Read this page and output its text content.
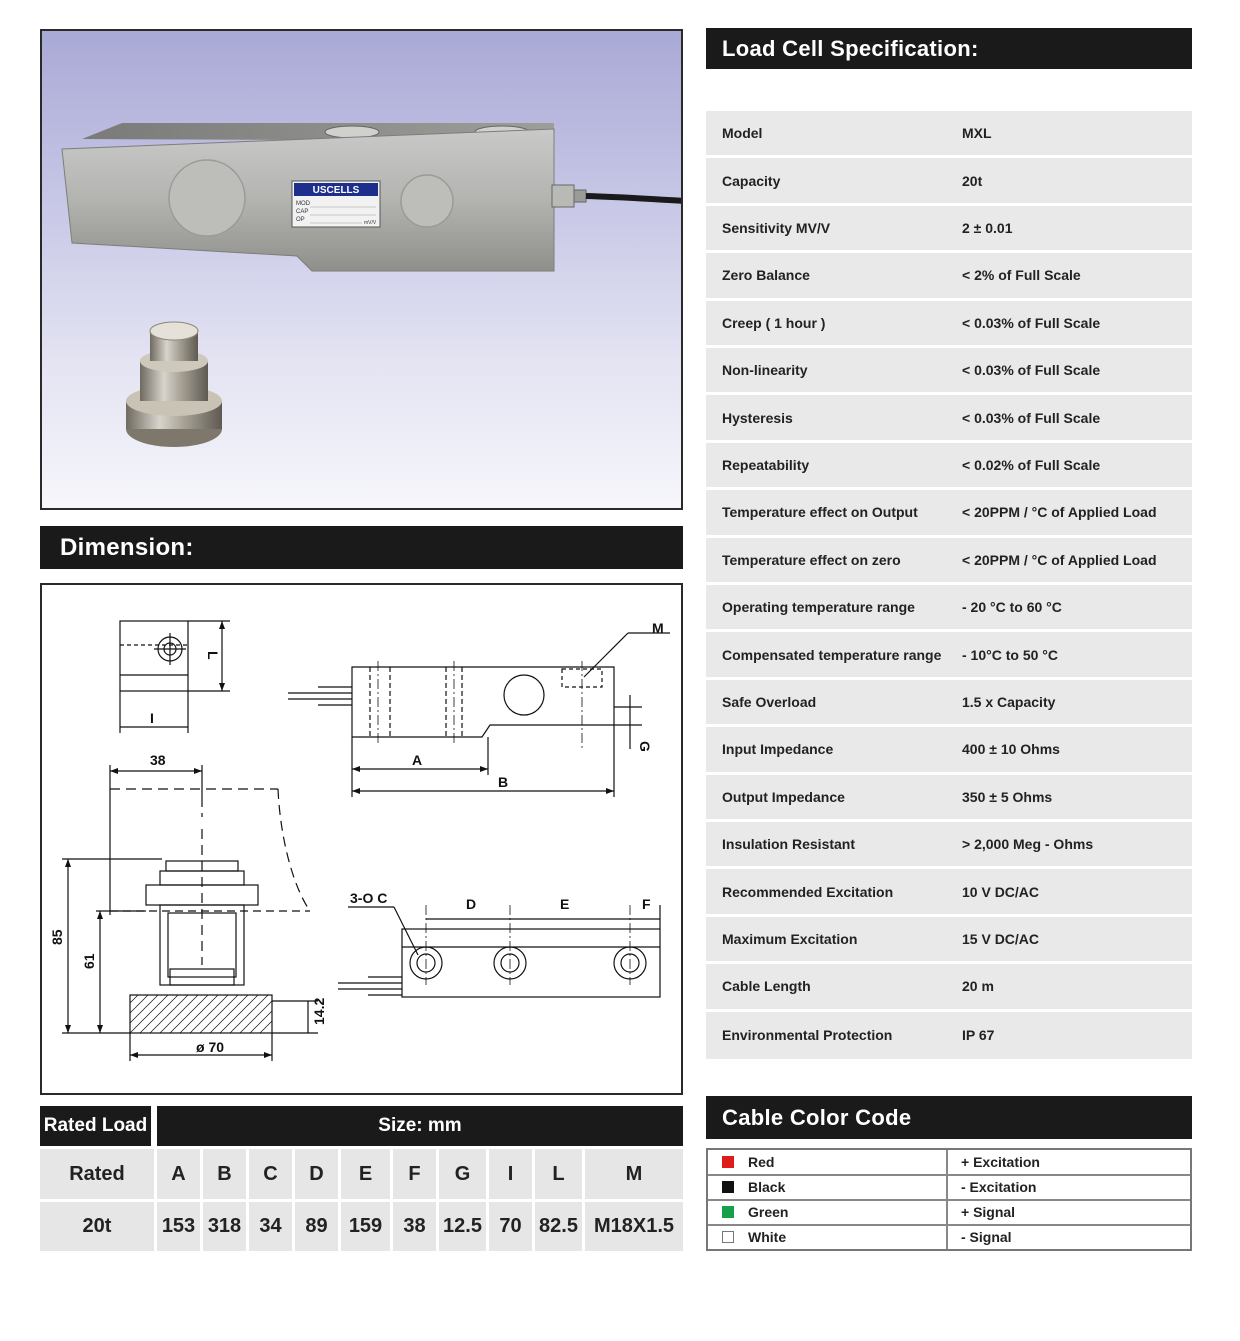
USCELLS
MOD
CAP
OP	mV/V
Dimension:
M
L
I
A
B
G
38
85
61
14.2
ø 70
3-O C	D	E	F
Load Cell Specification:
Model	MXL
Capacity	20t
Sensitivity MV/V	2 ± 0.01
Zero Balance	< 2% of Full Scale
Creep ( 1 hour )	< 0.03% of Full Scale
Non-linearity	< 0.03% of Full Scale
Hysteresis	< 0.03% of Full Scale
Repeatability	< 0.02% of Full Scale
Temperature effect on Output	< 20PPM / °C of Applied Load
Temperature effect on zero	< 20PPM / °C of Applied Load
Operating temperature range	- 20 °C to 60 °C
Compensated temperature range	- 10°C to 50 °C
Safe Overload	1.5 x Capacity
Input Impedance	400 ± 10 Ohms
Output Impedance	350 ± 5 Ohms
Insulation Resistant	> 2,000 Meg - Ohms
Recommended Excitation	10 V DC/AC
Maximum Excitation	15 V DC/AC
Cable Length	20 m
Environmental Protection	IP 67
Rated Load	Size: mm
Rated	A	B	C	D	E	F	G	I	L	M
20t	153 318 34	89	159	38 12.5 70 82.5 M18X1.5
Cable Color Code
Red	+ Excitation
Black	- Excitation
Green	+ Signal
White	- Signal
